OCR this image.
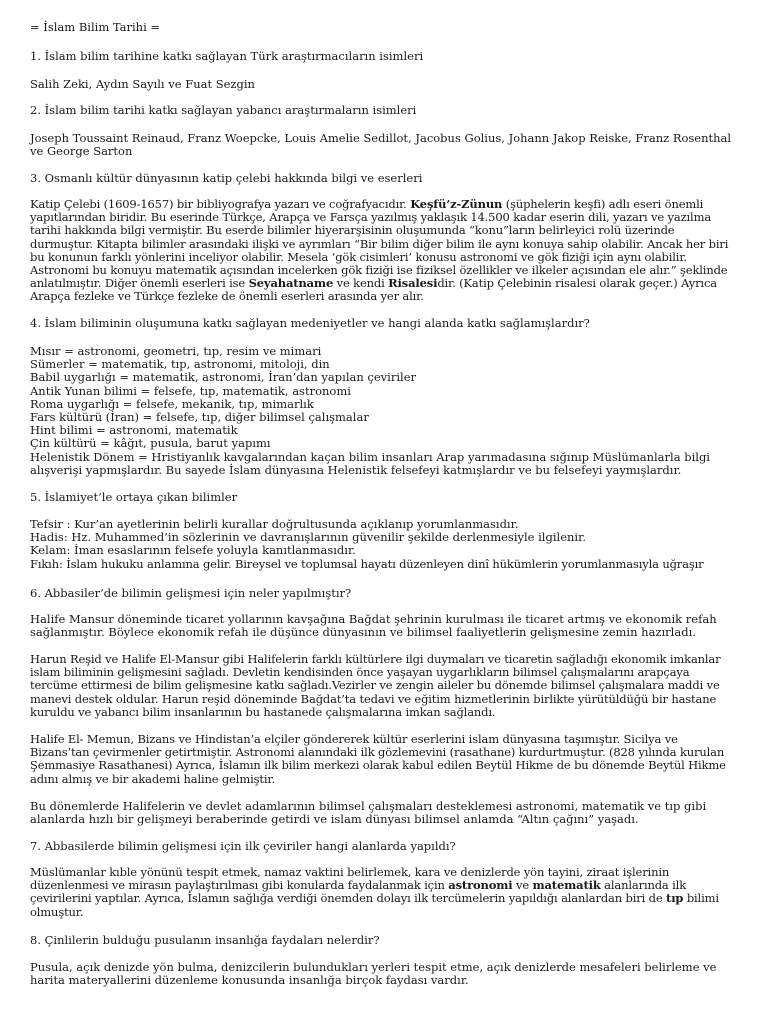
= İslam Bilim Tarihi =

1. İslam bilim tarihine katkı sağlayan Türk araştırmacıların isimleri

Salih Zeki, Aydın Sayılı ve Fuat Sezgin

2. İslam bilim tarihi katkı sağlayan yabancı araştırmaların isimleri

Joseph Toussaint Reinaud, Franz Woepcke, Louis Amelie Sedillot, Jacobus Golius, Johann Jakop Reiske, Franz Rosenthal ve George Sarton

3. Osmanlı kültür dünyasının katip çelebi hakkında bilgi ve eserleri

Katip Çelebi (1609-1657) bir bibliyografya yazarı ve coğrafyacıdır. Keşfü’z-Zünun (şüphelerin keşfi) adlı eseri önemli yapıtlarından biridir. Bu eserinde Türkçe, Arapça ve Farsça yazılmış yaklaşık 14.500 kadar eserin dili, yazarı ve yazılma tarihi hakkında bilgi vermiştir. Bu eserde bilimler hiyerarşisinin oluşumunda “konu”ların belirleyici rolü üzerinde durmuştur. Kitapta bilimler arasındaki ilişki ve ayrımları “Bir bilim diğer bilim ile aynı konuya sahip olabilir. Ancak her biri bu konunun farklı yönlerini inceliyor olabilir. Mesela ‘gök cisimleri’ konusu astronomi ve gök fiziği için aynı olabilir. Astronomi bu konuyu matematik açısından incelerken gök fiziği ise fiziksel özellikler ve ilkeler açısından ele alır.” şeklinde anlatılmıştır. Diğer önemli eserleri ise Seyahatname ve kendi Risalesidir. (Katip Çelebinin risalesi olarak geçer.) Ayrıca Arapça fezleke ve Türkçe fezleke de önemli eserleri arasında yer alır.

4. İslam biliminin oluşumuna katkı sağlayan medeniyetler ve hangi alanda katkı sağlamışlardır?

Mısır = astronomi, geometri, tıp, resim ve mimari

Sümerler = matematik, tıp, astronomi, mitoloji, din

Babil uygarlığı = matematik, astronomi, İran’dan yapılan çeviriler

Antik Yunan bilimi = felsefe, tıp, matematik, astronomi

Roma uygarlığı = felsefe, mekanik, tıp, mimarlık

Fars kültürü (İran) = felsefe, tıp, diğer bilimsel çalışmalar

Hint bilimi = astronomi, matematik

Çin kültürü = kâğıt, pusula, barut yapımı

Helenistik Dönem = Hristiyanlık kavgalarından kaçan bilim insanları Arap yarımadasına sığınıp Müslümanlarla bilgi alışverişi yapmışlardır. Bu sayede İslam dünyasına Helenistik felsefeyi katmışlardır ve bu felsefeyi yaymışlardır.

5. İslamiyet’le ortaya çıkan bilimler

Tefsir : Kur’an ayetlerinin belirli kurallar doğrultusunda açıklanıp yorumlanmasıdır.

Hadis: Hz. Muhammed’in sözlerinin ve davranışlarının güvenilir şekilde derlenmesiyle ilgilenir.

Kelam: İman esaslarının felsefe yoluyla kanıtlanmasıdır.

Fıkıh: İslam hukuku anlamına gelir. Bireysel ve toplumsal hayatı düzenleyen dinî hükümlerin yorumlanmasıyla uğraşır

6. Abbasiler’de bilimin gelişmesi için neler yapılmıştır?

Halife Mansur döneminde ticaret yollarının kavşağına Bağdat şehrinin kurulması ile ticaret artmış ve ekonomik refah sağlanmıştır. Böylece ekonomik refah ile düşünce dünyasının ve bilimsel faaliyetlerin gelişmesine zemin hazırladı.

Harun Reşid ve Halife El-Mansur gibi Halifelerin farklı kültürlere ilgi duymaları ve ticaretin sağladığı ekonomik imkanlar islam biliminin gelişmesini sağladı. Devletin kendisinden önce yaşayan uygarlıkların bilimsel çalışmalarını arapçaya tercüme ettirmesi de bilim gelişmesine katkı sağladı.Vezirler ve zengin aileler bu dönemde bilimsel çalışmalara maddi ve manevi destek oldular. Harun reşid döneminde Bağdat’ta tedavi ve eğitim hizmetlerinin birlikte yürütüldüğü bir hastane kuruldu ve yabancı bilim insanlarının bu hastanede çalışmalarına imkan sağlandı.

Halife El- Memun, Bizans ve Hindistan’a elçiler göndererek kültür eserlerini islam dünyasına taşımıştır. Sicilya ve Bizans’tan çevirmenler getirtmiştir. Astronomi alanındaki ilk gözlemevini (rasathane) kurdurtmuştur. (828 yılında kurulan Şemmasiye Rasathanesi) Ayrıca, İslamın ilk bilim merkezi olarak kabul edilen Beytül Hikme de bu dönemde Beytül Hikme adını almış ve bir akademi haline gelmiştir.

Bu dönemlerde Halifelerin ve devlet adamlarının bilimsel çalışmaları desteklemesi astronomi, matematik ve tıp gibi alanlarda hızlı bir gelişmeyi beraberinde getirdi ve islam dünyası bilimsel anlamda “Altın çağını” yaşadı.

7. Abbasilerde bilimin gelişmesi için ilk çeviriler hangi alanlarda yapıldı?

Müslümanlar kıble yönünü tespit etmek, namaz vaktini belirlemek, kara ve denizlerde yön tayini, ziraat işlerinin düzenlenmesi ve mirasın paylaştırılması gibi konularda faydalanmak için astronomi ve matematik alanlarında ilk çevirilerini yaptılar. Ayrıca, İslamın sağlığa verdiği önemden dolayı ilk tercümelerin yapıldığı alanlardan biri de tıp bilimi olmuştur.

8. Çinlilerin bulduğu pusulanın insanlığa faydaları nelerdir?

Pusula, açık denizde yön bulma, denizcilerin bulundukları yerleri tespit etme, açık denizlerde mesafeleri belirleme ve harita materyallerini düzenleme konusunda insanlığa birçok faydası vardır.
